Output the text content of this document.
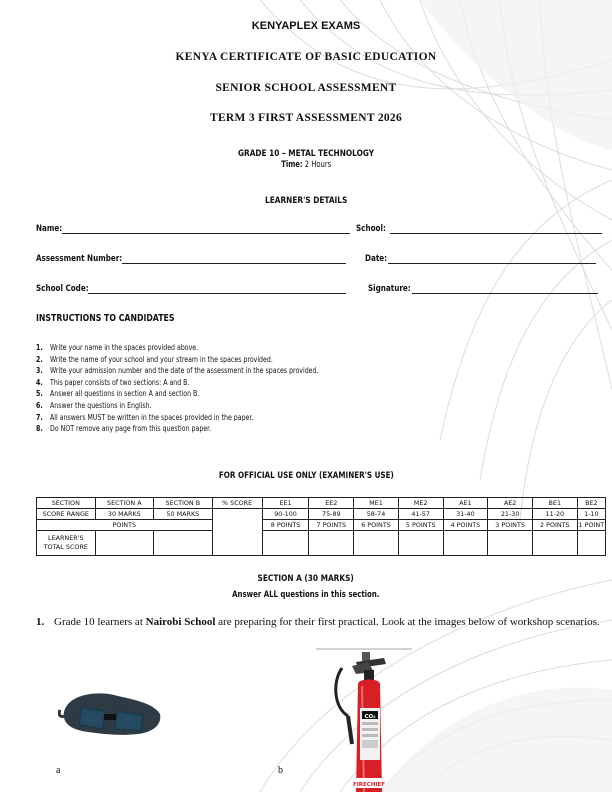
KENYAPLEX EXAMS
KENYA CERTIFICATE OF BASIC EDUCATION
SENIOR SCHOOL ASSESSMENT
TERM 3 FIRST ASSESSMENT 2026
GRADE 10 – METAL TECHNOLOGY
Time: 2 Hours
LEARNER'S DETAILS
Name:	School:
Assessment Number:	Date:
School Code:	Signature:
INSTRUCTIONS TO CANDIDATES
1. Write your name in the spaces provided above.
2. Write the name of your school and your stream in the spaces provided.
3. Write your admission number and the date of the assessment in the spaces provided.
4. This paper consists of two sections: A and B.
5. Answer all questions in section A and section B.
6. Answer the questions in English.
7. All answers MUST be written in the spaces provided in the paper.
8. Do NOT remove any page from this question paper.
FOR OFFICIAL USE ONLY (EXAMINER'S USE)
SECTION	SECTION A	SECTION B	% SCORE	EE1	EE2	ME1	ME2	AE1	AE2	BE1	BE2
SCORE RANGE	30 MARKS	50 MARKS		90-100	75-89	58-74	41-57	31-40	21-30	11-20	1-10
POINTS				8 POINTS	7 POINTS	6 POINTS	5 POINTS	4 POINTS	3 POINTS	2 POINTS	1 POINT
LEARNER'S TOTAL SCORE											
SECTION A (30 MARKS)
Answer ALL questions in this section.
1. Grade 10 learners at Nairobi School are preparing for their first practical. Look at the images below of workshop scenarios.
CO₂
FIRECHIEF
a	b
